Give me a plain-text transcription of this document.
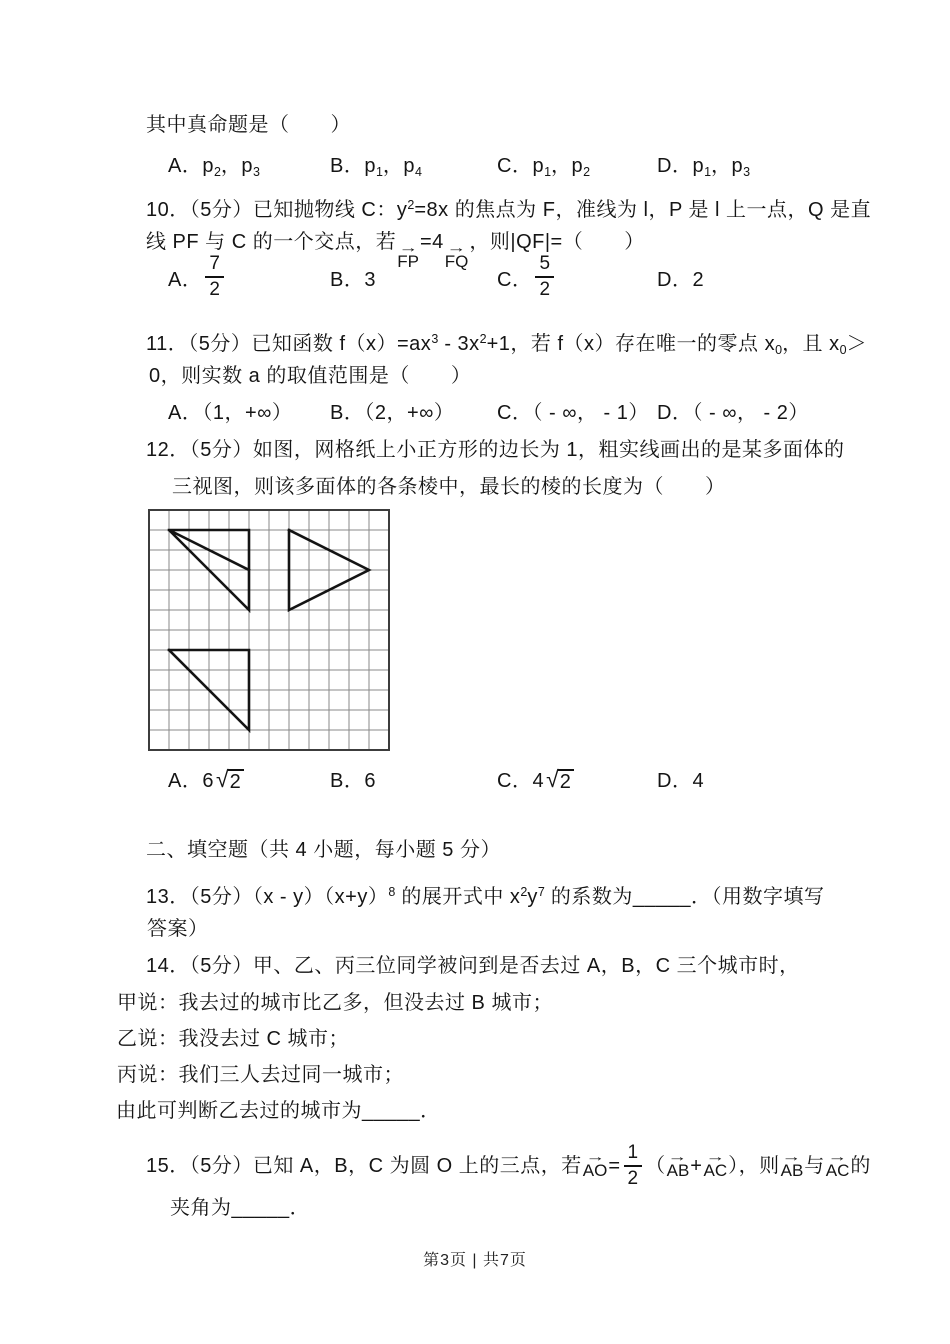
其中真命题是（　　）
A．$p_2$，$p_3$	B．$p_1$，$p_4$	C．$p_1$，$p_2$	D．$p_1$，$p_3$
10．（5分）已知抛物线 C：$y^2=8x$ 的焦点为 F，准线为 l，P 是 l 上一点，Q 是直
线 PF 与 C 的一个交点，若 →
FP
=4 →
FQ
，则|QF|=（　　）
A． $\frac{7}{2}$	B．3	C． $\frac{5}{2}$	D．2
11．（5分）已知函数 $f(x)=ax^3 - 3x^2+1$，若 f（x）存在唯一的零点 $x_0$，且 $x_0>$
0，则实数 a 的取值范围是（　　）
A．（1，+∞） B．（2，+∞） C．（ - ∞， - 1） D．（ - ∞， - 2）
12．（5分）如图，网格纸上小正方形的边长为 1，粗实线画出的是某多面体的
三视图，则该多面体的各条棱中，最长的棱的长度为（　　）
A．6 √ 2	B．6	C．4 √ 2	D．4
二、填空题（共 4 小题，每小题 5 分）
13．（5分）$(x - y)(x+y)^8$ 的展开式中 $x^2y^7$ 的系数为_____．（用数字填写
答案）
14．（5分）甲、乙、丙三位同学被问到是否去过 A，B，C 三个城市时，
甲说：我去过的城市比乙多，但没去过 B 城市；
乙说：我没去过 C 城市；
丙说：我们三人去过同一城市；
由此可判断乙去过的城市为_____．
15．（5分）已知 A，B，C 为圆 O 上的三点，若 →
AO = $\frac{1}{2}$ （ →
AB + →
AC ），则 →
AB 与 →
AC 的
夹角为_____．
第3页 | 共7页
